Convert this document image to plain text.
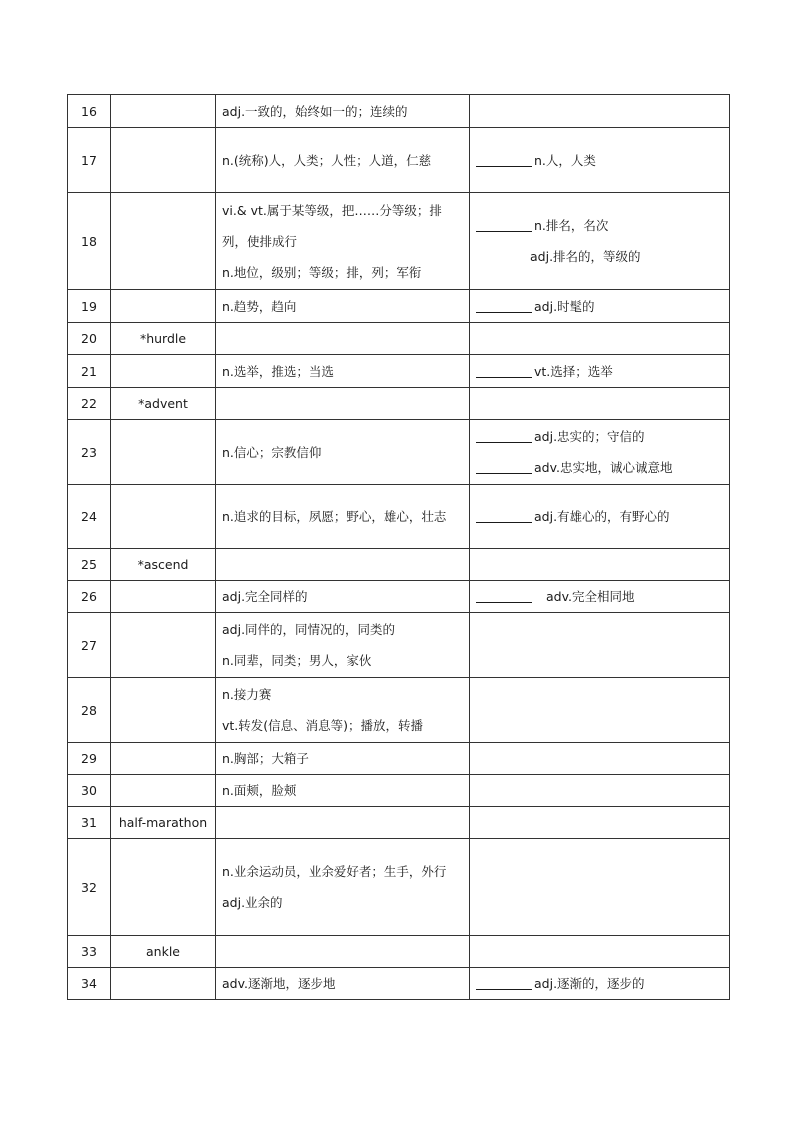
16		adj.一致的，始终如一的；连续的	

17		n.(统称)人，人类；人性；人道，仁慈	n.人，人类

18		vi.& vt.属于某等级，把……分等级；排列，使排成行
n.地位，级别；等级；排，列；军衔	n.排名，名次
adj.排名的，等级的

19		n.趋势，趋向	adj.时髦的

20	*hurdle		
21		n.选举，推选；当选	vt.选择；选举

22	*advent		
23		n.信心；宗教信仰	adj.忠实的；守信的
adv.忠实地，诚心诚意地

24		n.追求的目标，夙愿；野心，雄心，壮志	adj.有雄心的，有野心的

25	*ascend		
26		adj.完全同样的	adv.完全相同地

27		adj.同伴的，同情况的，同类的
n.同辈，同类；男人，家伙	

28		n.接力赛
vt.转发(信息、消息等)；播放，转播	

29		n.胸部；大箱子	

30		n.面颊，脸颊	

31	half-marathon		
32		n.业余运动员，业余爱好者；生手，外行
adj.业余的	

33	ankle		
34		adv.逐渐地，逐步地	adj.逐渐的，逐步的
